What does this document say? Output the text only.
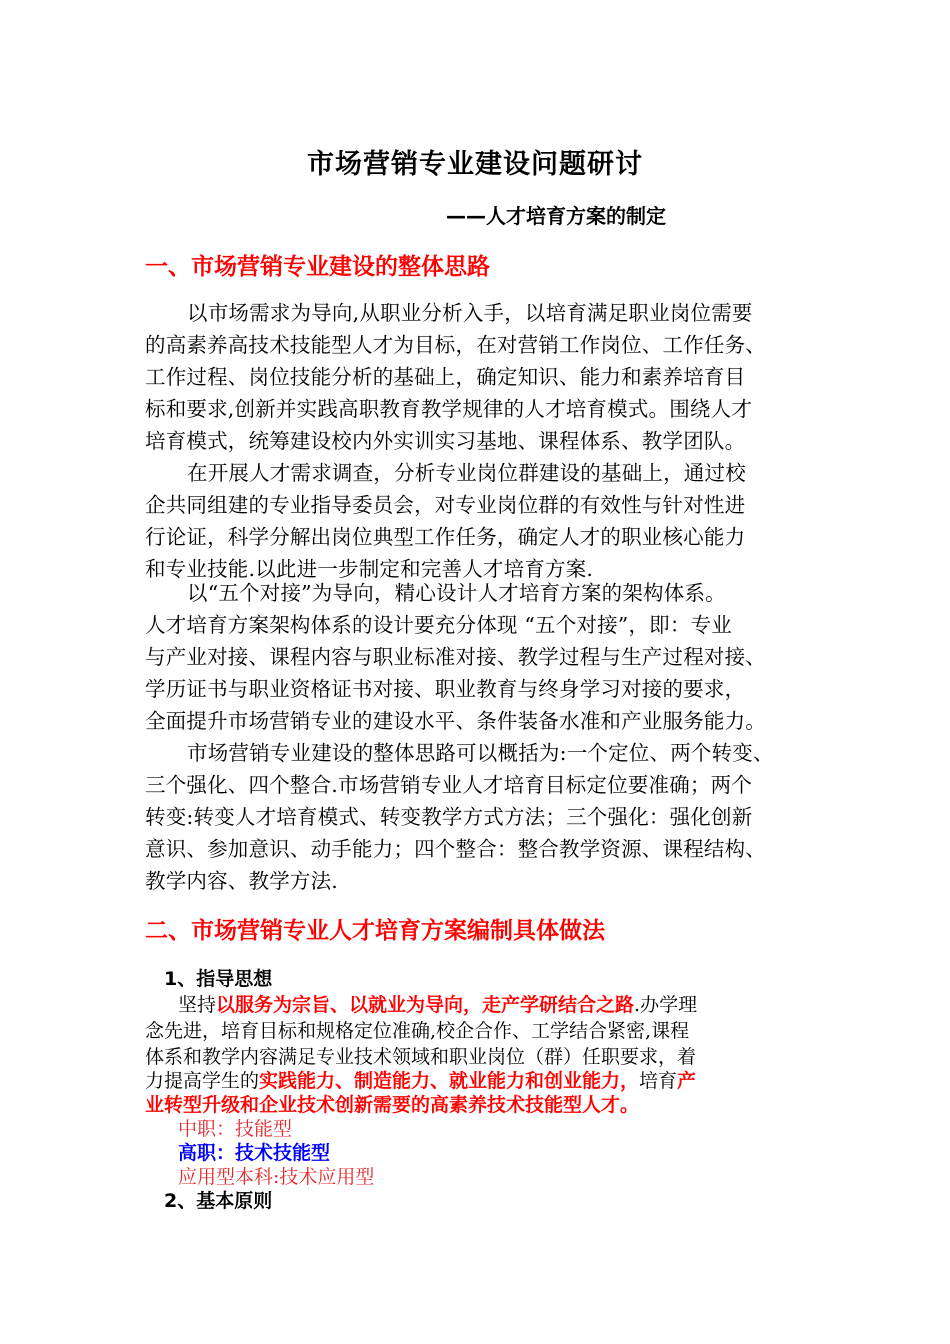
市场营销专业建设问题研讨
——人才培育方案的制定
一、市场营销专业建设的整体思路
以市场需求为导向,从职业分析入手，以培育满足职业岗位需要
的高素养高技术技能型人才为目标，在对营销工作岗位、工作任务、
工作过程、岗位技能分析的基础上，确定知识、能力和素养培育目
标和要求,创新并实践高职教育教学规律的人才培育模式。围绕人才
培育模式，统筹建设校内外实训实习基地、课程体系、教学团队。
在开展人才需求调查，分析专业岗位群建设的基础上，通过校
企共同组建的专业指导委员会，对专业岗位群的有效性与针对性进
行论证，科学分解出岗位典型工作任务，确定人才的职业核心能力
和专业技能.以此进一步制定和完善人才培育方案.
以“五个对接”为导向，精心设计人才培育方案的架构体系。
人才培育方案架构体系的设计要充分体现 “五个对接”，即：专业
与产业对接、课程内容与职业标准对接、教学过程与生产过程对接、
学历证书与职业资格证书对接、职业教育与终身学习对接的要求，
全面提升市场营销专业的建设水平、条件装备水准和产业服务能力。
市场营销专业建设的整体思路可以概括为:一个定位、两个转变、
三个强化、四个整合.市场营销专业人才培育目标定位要准确；两个
转变:转变人才培育模式、转变教学方式方法；三个强化：强化创新
意识、参加意识、动手能力；四个整合：整合教学资源、课程结构、
教学内容、教学方法.
二、市场营销专业人才培育方案编制具体做法
1、指导思想
坚持以服务为宗旨、以就业为导向，走产学研结合之路.办学理
念先进，培育目标和规格定位准确,校企合作、工学结合紧密,课程
体系和教学内容满足专业技术领域和职业岗位（群）任职要求，着
力提高学生的实践能力、制造能力、就业能力和创业能力，培育产
业转型升级和企业技术创新需要的高素养技术技能型人才。
中职：技能型
高职：技术技能型
应用型本科:技术应用型
2、基本原则
